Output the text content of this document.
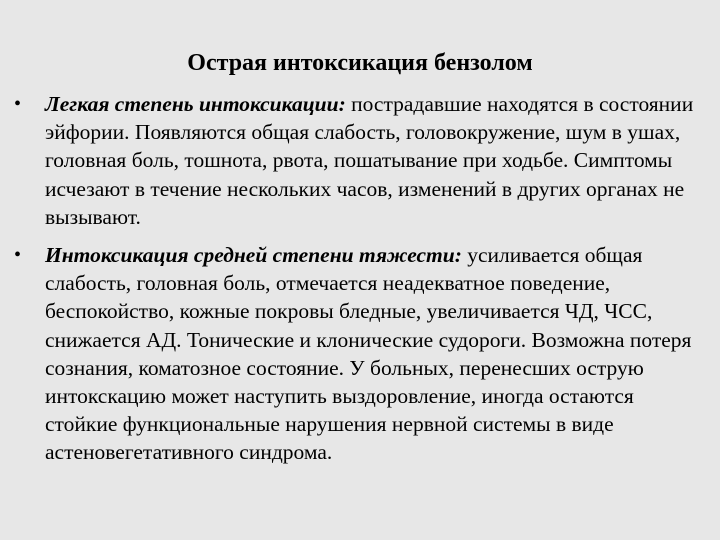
Острая интоксикация бензолом
•	Легкая степень интоксикации: пострадавшие находятся в состоянии эйфории. Появляются общая слабость, головокружение, шум в ушах, головная боль, тошнота, рвота, пошатывание при ходьбе. Симптомы исчезают в течение нескольких часов, изменений в других органах не вызывают.
•	Интоксикация средней степени тяжести: усиливается общая слабость, головная боль, отмечается неадекватное поведение, беспокойство, кожные покровы бледные, увеличивается ЧД, ЧСС, снижается АД. Тонические и клонические судороги. Возможна потеря сознания, коматозное состояние. У больных, перенесших острую интокскацию может наступить выздоровление, иногда остаются стойкие функциональные нарушения нервной системы в виде астеновегетативного синдрома.
